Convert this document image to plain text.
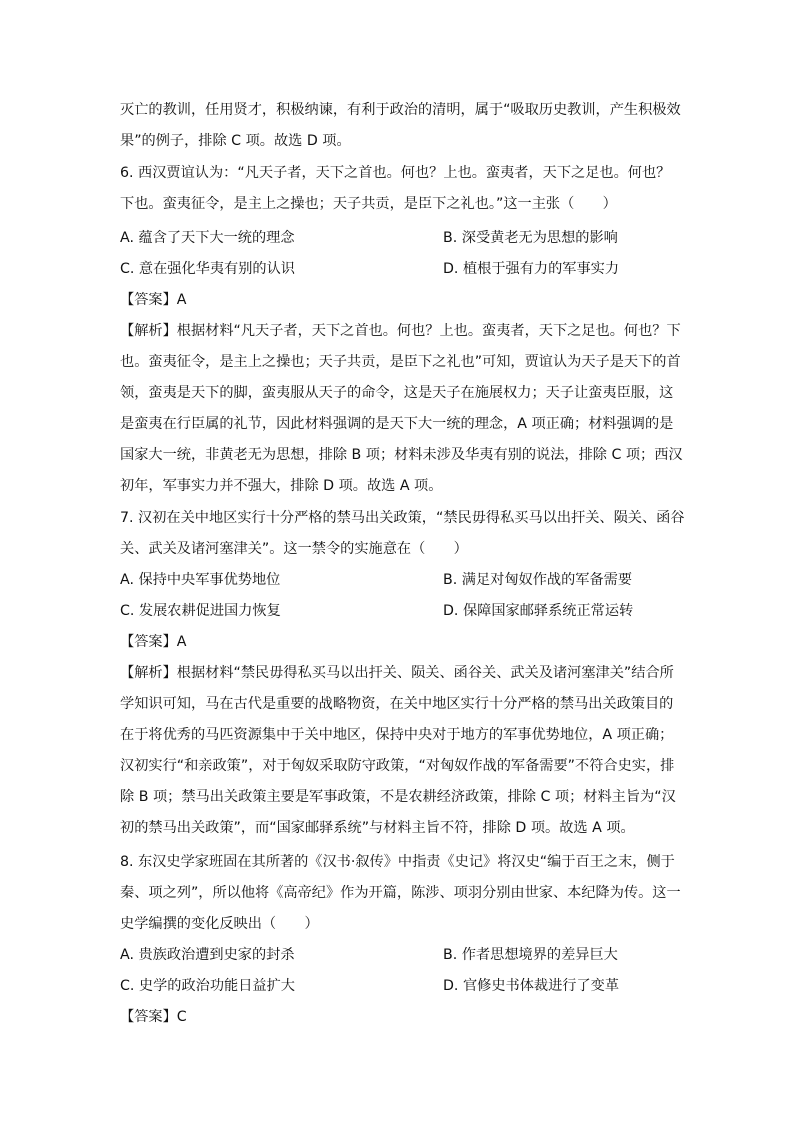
灭亡的教训，任用贤才，积极纳谏，有利于政治的清明，属于“吸取历史教训，产生积极效
果”的例子，排除 C 项。故选 D 项。
6. 西汉贾谊认为：“凡天子者，天下之首也。何也？上也。蛮夷者，天下之足也。何也？
下也。蛮夷征令，是主上之操也；天子共贡，是臣下之礼也。”这一主张（　　）
A. 蕴含了天下大一统的理念	B. 深受黄老无为思想的影响
C. 意在强化华夷有别的认识	D. 植根于强有力的军事实力
【答案】A
【解析】根据材料“凡天子者，天下之首也。何也？上也。蛮夷者，天下之足也。何也？下
也。蛮夷征令，是主上之操也；天子共贡，是臣下之礼也”可知，贾谊认为天子是天下的首
领，蛮夷是天下的脚，蛮夷服从天子的命令，这是天子在施展权力；天子让蛮夷臣服，这
是蛮夷在行臣属的礼节，因此材料强调的是天下大一统的理念，A 项正确；材料强调的是
国家大一统，非黄老无为思想，排除 B 项；材料未涉及华夷有别的说法，排除 C 项；西汉
初年，军事实力并不强大，排除 D 项。故选 A 项。
7. 汉初在关中地区实行十分严格的禁马出关政策，“禁民毋得私买马以出扞关、陨关、函谷
关、武关及诸河塞津关”。这一禁令的实施意在（　　）
A. 保持中央军事优势地位	B. 满足对匈奴作战的军备需要
C. 发展农耕促进国力恢复	D. 保障国家邮驿系统正常运转
【答案】A
【解析】根据材料“禁民毋得私买马以出扞关、陨关、函谷关、武关及诸河塞津关”结合所
学知识可知，马在古代是重要的战略物资，在关中地区实行十分严格的禁马出关政策目的
在于将优秀的马匹资源集中于关中地区，保持中央对于地方的军事优势地位，A 项正确；
汉初实行“和亲政策”，对于匈奴采取防守政策，“对匈奴作战的军备需要”不符合史实，排
除 B 项；禁马出关政策主要是军事政策，不是农耕经济政策，排除 C 项；材料主旨为“汉
初的禁马出关政策”，而“国家邮驿系统”与材料主旨不符，排除 D 项。故选 A 项。
8. 东汉史学家班固在其所著的《汉书·叙传》中指责《史记》将汉史“编于百王之末，侧于
秦、项之列”，所以他将《高帝纪》作为开篇，陈涉、项羽分别由世家、本纪降为传。这一
史学编撰的变化反映出（　　）
A. 贵族政治遭到史家的封杀	B. 作者思想境界的差异巨大
C. 史学的政治功能日益扩大	D. 官修史书体裁进行了变革
【答案】C
